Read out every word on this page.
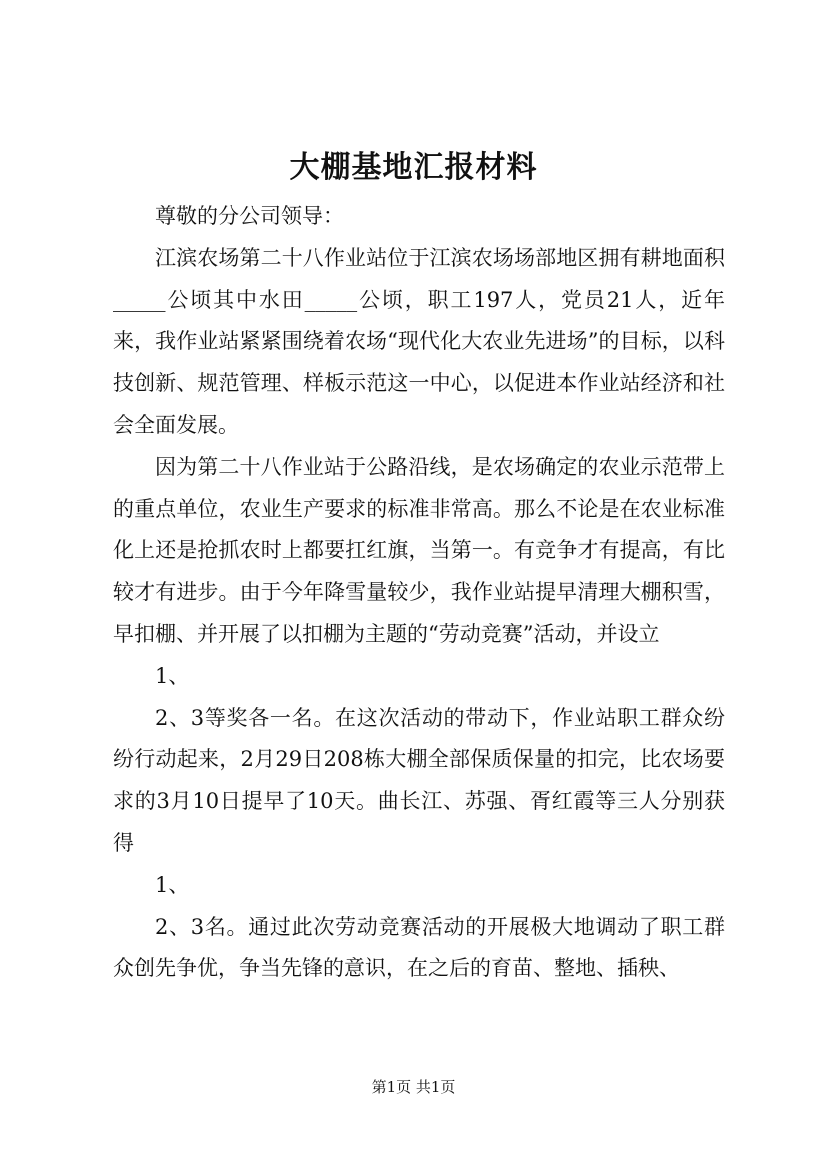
大棚基地汇报材料

尊敬的分公司领导：

江滨农场第二十八作业站位于江滨农场场部地区拥有耕地面积_____公顷其中水田_____公顷，职工197人，党员21人，近年来，我作业站紧紧围绕着农场“现代化大农业先进场”的目标，以科技创新、规范管理、样板示范这一中心，以促进本作业站经济和社会全面发展。

因为第二十八作业站于公路沿线，是农场确定的农业示范带上的重点单位，农业生产要求的标准非常高。那么不论是在农业标准化上还是抢抓农时上都要扛红旗，当第一。有竞争才有提高，有比较才有进步。由于今年降雪量较少，我作业站提早清理大棚积雪，早扣棚、并开展了以扣棚为主题的“劳动竞赛”活动，并设立

1、

2、3等奖各一名。在这次活动的带动下，作业站职工群众纷纷行动起来，2月29日208栋大棚全部保质保量的扣完，比农场要求的3月10日提早了10天。曲长江、苏强、胥红霞等三人分别获得

1、

2、3名。通过此次劳动竞赛活动的开展极大地调动了职工群众创先争优，争当先锋的意识，在之后的育苗、整地、插秧、

第1页 共1页
